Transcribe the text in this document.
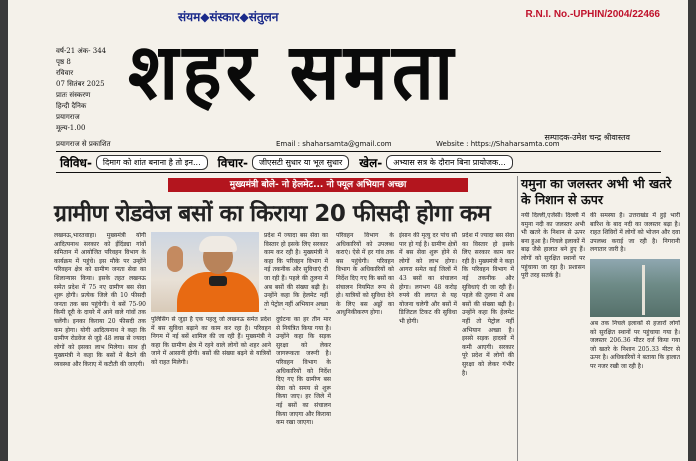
संयम◆संस्कार◆संतुलन	R.N.I. No.-UPHIN/2004/22466
वर्ष-21 अंक- 344
पृष्ठ 8
रविवार
07 सितंबर 2025
प्रातः संस्करण
हिन्दी दैनिक
प्रयागराज
मूल्य-1.00
शहर समता
सम्पादक-उमेश चन्द्र श्रीवास्तव
प्रयागराज से प्रकाशित	Email : shaharsamta@gmail.com	Website : https://Shaharsamta.com
विविध-	दिमाग को शांत बनाना है तो इन...	विचार-	जीएसटी सुधार या भूल सुधार	खेल-	अभ्यास सत्र के दौरान बिना प्रायोजक...
मुख्यमंत्री बोले- नो हेलमेट... नो फ्यूल अभियान अच्छा
ग्रामीण रोडवेज बसों का किराया 20 फीसदी होगा कम
लखनऊ,भारतवाहा। मुख्यमंत्री योगी आदित्यनाथ सरकार को ईदिंड्या गांवों समितान में आयोजित परिवहन विभाग के कार्यक्रम में पहुंचे। इस मौके पर उन्होंने परिवहन क्षेत्र को ग्रामीण जनता सेवा का शिलान्यास किया। इसके तहत लखनऊ समेत प्रदेश में 75 नए ग्रामीण बस सेवा शुरू होगी। प्रत्येक जिले की 10 फीसदी जनता तक बस पहुंचेगी। ये बसें 75-90 किमी दूरी के दायरे में आने वाले गांवों तक चलेंगी। इनका किराया 20 फीसदी तक कम होगा। योगी आदित्यनाथ ने कहा कि ग्रामीण रोडवेज से जुड़े 48 लाख से ज्यादा लोगों को इसका लाभ मिलेगा। साथ ही मुख्यमंत्री ने कहा कि बसों में बैठने की व्यवस्था और किराए में कटौती की जाएगी।
प्रदेश में ज्यादा बस सेवा का विस्तार हो इसके लिए सरकार काम कर रही है। मुख्यमंत्री ने कहा कि परिवहन विभाग में नई तकनीक और सुविधाएं दी जा रही हैं। पहले की तुलना में अब बसों की संख्या बढ़ी है। उन्होंने कहा कि हेलमेट नहीं तो पेट्रोल नहीं अभियान अच्छा
पुलिसिंग से जुड़ा है एक पहलू जो लखनऊ समेत प्रदेश में बस सुविधा बढ़ाने का काम कर रहा है। परिवहन निगम में नई बसें शामिल की जा रही हैं। मुख्यमंत्री ने कहा कि ग्रामीण क्षेत्र में रहने वाले लोगों को शहर आने जाने में आसानी होगी। बसों की संख्या बढ़ने से यात्रियों को राहत मिलेगी।
दुर्घटना का हर तीन मार से नियंत्रित किया गया है। उन्होंने कहा कि सड़क सुरक्षा को लेकर जागरूकता जरूरी है। परिवहन विभाग के अधिकारियों को निर्देश दिए गए कि ग्रामीण बस सेवा को समय से शुरू किया जाए। हर जिले में नई बसों का संचालन किया जाएगा और किराया कम रखा जाएगा।
परिवहन विभाग के अधिकारियों को उपलब्ध कराएं। ऐसे में हर गांव तक बस पहुंचेगी। परिवहन विभाग के अधिकारियों को निर्देश दिए गए कि बसों का संचालन नियमित रूप से हो। यात्रियों को सुविधा देने के लिए बस अड्डों का आधुनिकीकरण होगा।
इंसान की मृत्यु दर पांच सौ पार हो गई है। ग्रामीण क्षेत्रों में बस सेवा शुरू होने से लोगों को लाभ होगा। आगरा समेत कई जिलों में 43 बसों का संचालन होगा। लगभग 48 करोड़ रुपये की लागत से यह योजना चलेगी और बसों में डिजिटल टिकट की सुविधा भी होगी।
प्रदेश में ज्यादा बस सेवा का विस्तार हो इसके लिए सरकार काम कर रही है। मुख्यमंत्री ने कहा कि परिवहन विभाग में नई तकनीक और सुविधाएं दी जा रही हैं। पहले की तुलना में अब बसों की संख्या बढ़ी है। उन्होंने कहा कि हेलमेट नहीं तो पेट्रोल नहीं अभियान अच्छा है। इससे सड़क हादसों में कमी आएगी। सरकार पूरे प्रदेश में लोगों की सुरक्षा को लेकर गंभीर है।
यमुना का जलस्तर अभी भी खतरे के निशान से ऊपर
नयी दिल्ली,एजेंसी। दिल्ली में यमुना नदी का जलस्तर अभी भी खतरे के निशान से ऊपर बना हुआ है। निचले इलाकों में बाढ़ जैसे हालात बने हुए हैं। लोगों को सुरक्षित स्थानों पर पहुंचाया जा रहा है। प्रशासन पूरी तरह सतर्क है।
की समस्या है। उत्तराखंड में हुई भारी बारिश के बाद नदी का जलस्तर बढ़ा है। राहत शिविरों में लोगों को भोजन और दवा उपलब्ध कराई जा रही है। निगरानी लगातार जारी है।
अब तक निचले इलाकों से हजारों लोगों को सुरक्षित स्थानों पर पहुंचाया गया है। जलस्तर 206.36 मीटर दर्ज किया गया जो खतरे के निशान 205.33 मीटर से ऊपर है। अधिकारियों ने बताया कि हालात पर नजर रखी जा रही है।
